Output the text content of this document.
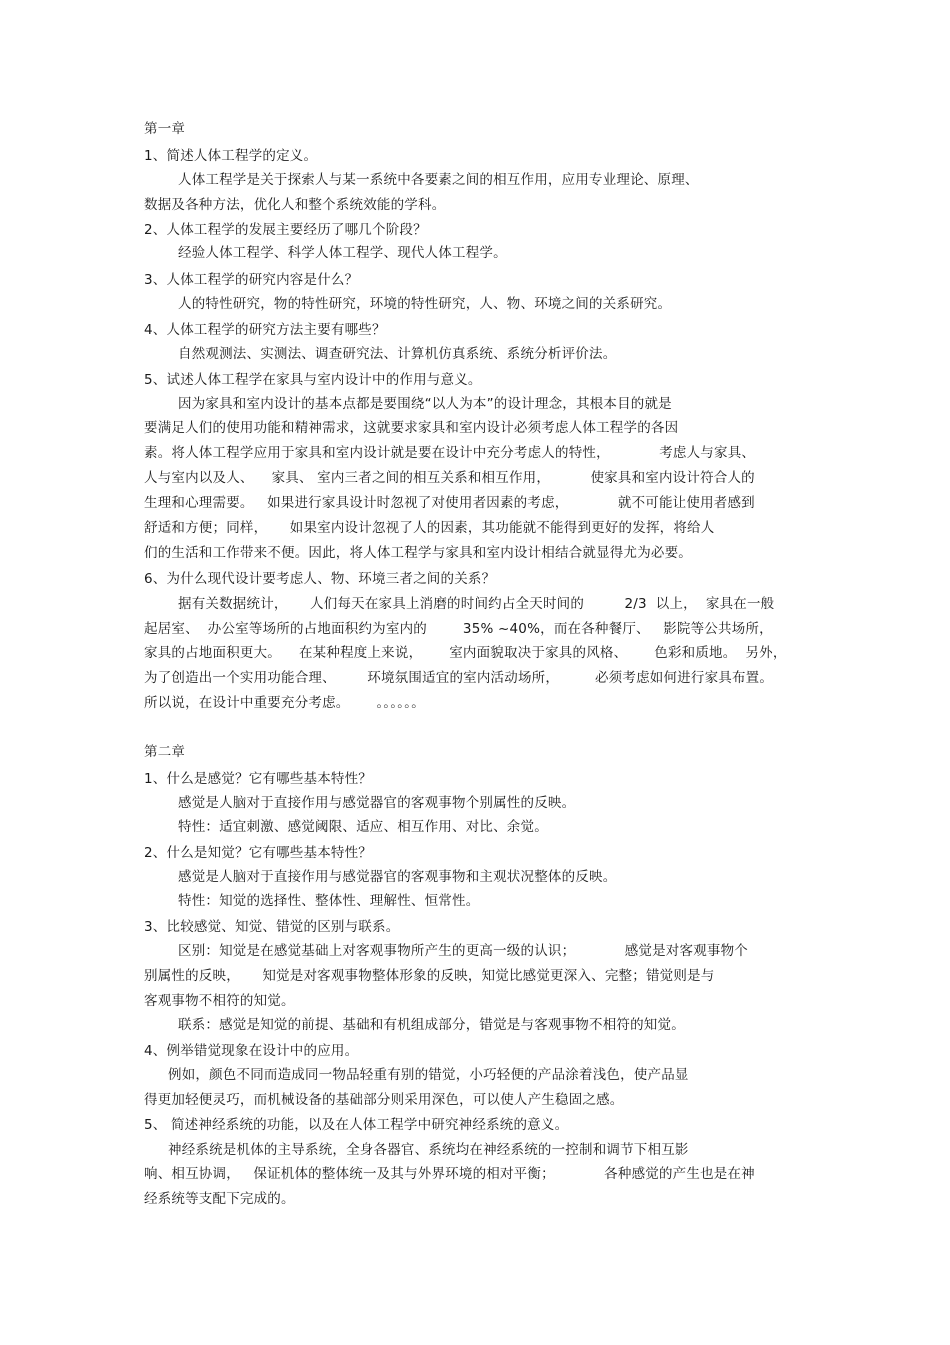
第一章
1、简述人体工程学的定义。
人体工程学是关于探索人与某一系统中各要素之间的相互作用，应用专业理论、原理、
数据及各种方法，优化人和整个系统效能的学科。
2、人体工程学的发展主要经历了哪几个阶段？
经验人体工程学、科学人体工程学、现代人体工程学。
3、人体工程学的研究内容是什么？
人的特性研究，物的特性研究，环境的特性研究，人、物、环境之间的关系研究。
4、人体工程学的研究方法主要有哪些？
自然观测法、实测法、调查研究法、计算机仿真系统、系统分析评价法。
5、试述人体工程学在家具与室内设计中的作用与意义。
因为家具和室内设计的基本点都是要围绕“以人为本”的设计理念，其根本目的就是
要满足人们的使用功能和精神需求，这就要求家具和室内设计必须考虑人体工程学的各因
素。将人体工程学应用于家具和室内设计就是要在设计中充分考虑人的特性，           考虑人与家具、
人与室内以及人、    家具、 室内三者之间的相互关系和相互作用，         使家具和室内设计符合人的
生理和心理需要。   如果进行家具设计时忽视了对使用者因素的考虑，           就不可能让使用者感到
舒适和方便；同样，     如果室内设计忽视了人的因素，其功能就不能得到更好的发挥，将给人
们的生活和工作带来不便。因此，将人体工程学与家具和室内设计相结合就显得尤为必要。
6、为什么现代设计要考虑人、物、环境三者之间的关系？
据有关数据统计，     人们每天在家具上消磨的时间约占全天时间的         2/3  以上，  家具在一般
起居室、  办公室等场所的占地面积约为室内的        35% ~40%，而在各种餐厅、   影院等公共场所，
家具的占地面积更大。    在某种程度上来说，      室内面貌取决于家具的风格、      色彩和质地。  另外，
为了创造出一个实用功能合理、       环境氛围适宜的室内活动场所，        必须考虑如何进行家具布置。
所以说，在设计中重要充分考虑。      。。。。。。
第二章
1、什么是感觉？它有哪些基本特性？
感觉是人脑对于直接作用与感觉器官的客观事物个别属性的反映。
特性：适宜刺激、感觉阈限、适应、相互作用、对比、余觉。
2、什么是知觉？它有哪些基本特性？
感觉是人脑对于直接作用与感觉器官的客观事物和主观状况整体的反映。
特性：知觉的选择性、整体性、理解性、恒常性。
3、比较感觉、知觉、错觉的区别与联系。
区别：知觉是在感觉基础上对客观事物所产生的更高一级的认识；           感觉是对客观事物个
别属性的反映，     知觉是对客观事物整体形象的反映，知觉比感觉更深入、完整；错觉则是与
客观事物不相符的知觉。
联系：感觉是知觉的前提、基础和有机组成部分，错觉是与客观事物不相符的知觉。
4、例举错觉现象在设计中的应用。
例如，颜色不同而造成同一物品轻重有别的错觉，小巧轻便的产品涂着浅色，使产品显
得更加轻便灵巧，而机械设备的基础部分则采用深色，可以使人产生稳固之感。
5、 简述神经系统的功能，以及在人体工程学中研究神经系统的意义。
神经系统是机体的主导系统，全身各器官、系统均在神经系统的一控制和调节下相互影
响、相互协调，   保证机体的整体统一及其与外界环境的相对平衡；           各种感觉的产生也是在神
经系统等支配下完成的。
